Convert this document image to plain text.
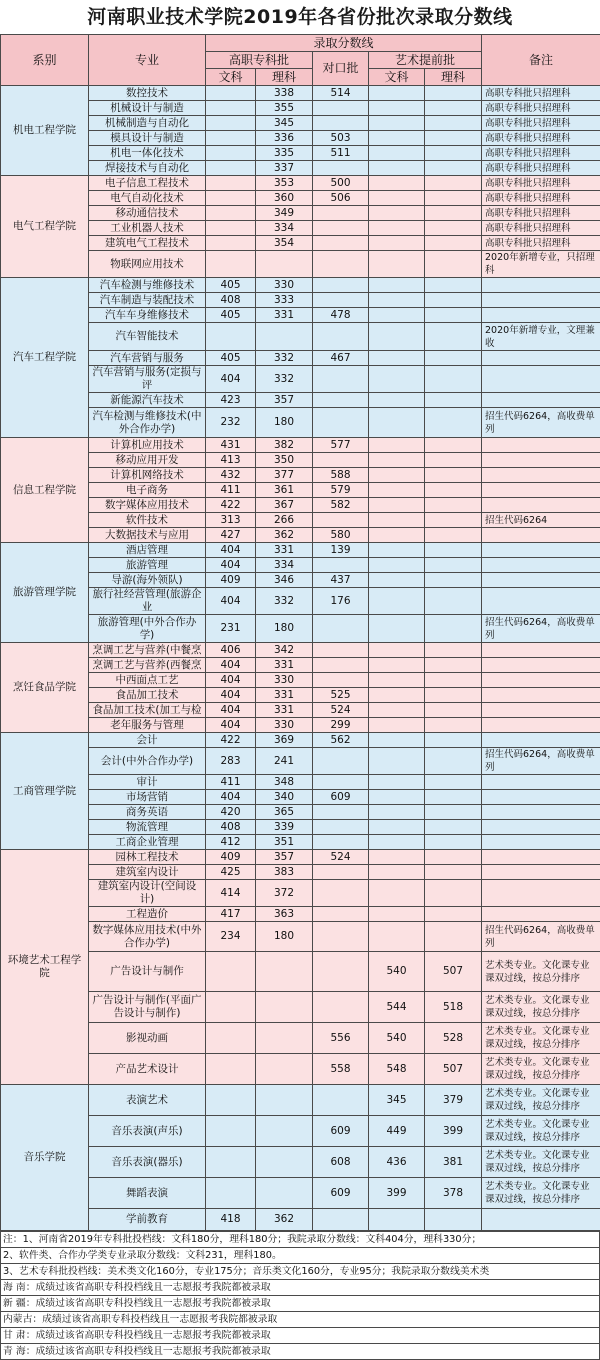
河南职业技术学院2019年各省份批次录取分数线
系别	专业	录取分数线					备注
		高职专科批		对口批	艺术提前批		
		文科	理科		文科	理科	
机电工程学院	数控技术		338	514			高职专科批只招理科
	机械设计与制造		355				高职专科批只招理科
	机械制造与自动化		345				高职专科批只招理科
	模具设计与制造		336	503			高职专科批只招理科
	机电一体化技术		335	511			高职专科批只招理科
	焊接技术与自动化		337				高职专科批只招理科
电气工程学院	电子信息工程技术		353	500			高职专科批只招理科
	电气自动化技术		360	506			高职专科批只招理科
	移动通信技术		349				高职专科批只招理科
	工业机器人技术		334				高职专科批只招理科
	建筑电气工程技术		354				高职专科批只招理科
	物联网应用技术						2020年新增专业，只招理科
汽车工程学院	汽车检测与维修技术	405	330				
	汽车制造与装配技术	408	333				
	汽车车身维修技术	405	331	478			
	汽车智能技术						2020年新增专业，文理兼收
	汽车营销与服务	405	332	467			
	汽车营销与服务(定损与评	404	332				
	新能源汽车技术	423	357				
	汽车检测与维修技术(中外合作办学)	232	180				招生代码6264，高收费单列
信息工程学院	计算机应用技术	431	382	577			
	移动应用开发	413	350				
	计算机网络技术	432	377	588			
	电子商务	411	361	579			
	数字媒体应用技术	422	367	582			
	软件技术	313	266				招生代码6264
	大数据技术与应用	427	362	580			
旅游管理学院	酒店管理	404	331	139			
	旅游管理	404	334				
	导游(海外领队)	409	346	437			
	旅行社经营管理(旅游企业	404	332	176			
	旅游管理(中外合作办学)	231	180				招生代码6264，高收费单列
烹饪食品学院	烹调工艺与营养(中餐烹	406	342				
	烹调工艺与营养(西餐烹	404	331				
	中西面点工艺	404	330				
	食品加工技术	404	331	525			
	食品加工技术(加工与检	404	331	524			
	老年服务与管理	404	330	299			
工商管理学院	会计	422	369	562			
	会计(中外合作办学)	283	241				招生代码6264，高收费单列
	审计	411	348				
	市场营销	404	340	609			
	商务英语	420	365				
	物流管理	408	339				
	工商企业管理	412	351				
环境艺术工程学院	园林工程技术	409	357	524			
	建筑室内设计	425	383				
	建筑室内设计(空间设计)	414	372				
	工程造价	417	363				
	数字媒体应用技术(中外合作办学)	234	180				招生代码6264，高收费单列
	广告设计与制作				540	507	艺术类专业。文化课专业课双过线，按总分排序
	广告设计与制作(平面广告设计与制作)				544	518	艺术类专业。文化课专业课双过线，按总分排序
	影视动画			556	540	528	艺术类专业。文化课专业课双过线，按总分排序
	产品艺术设计			558	548	507	艺术类专业。文化课专业课双过线，按总分排序
音乐学院	表演艺术				345	379	艺术类专业。文化课专业课双过线，按总分排序
	音乐表演(声乐)			609	449	399	艺术类专业。文化课专业课双过线，按总分排序
	音乐表演(器乐)			608	436	381	艺术类专业。文化课专业课双过线，按总分排序
	舞蹈表演			609	399	378	艺术类专业。文化课专业课双过线，按总分排序
	学前教育	418	362				
注：1、河南省2019年专科批投档线：文科180分，理科180分；我院录取分数线：文科404分，理科330分；
2、软件类、合作办学类专业录取分数线：文科231，理科180。
3、艺术专科批投档线：美术类文化160分，专业175分；音乐类文化160分，专业95分；我院录取分数线美术类
海 南：成绩过该省高职专科投档线且一志愿报考我院都被录取
新 疆：成绩过该省高职专科投档线且一志愿报考我院都被录取
内蒙古：成绩过该省高职专科投档线且一志愿报考我院都被录取
甘 肃：成绩过该省高职专科投档线且一志愿报考我院都被录取
青 海：成绩过该省高职专科投档线且一志愿报考我院都被录取
